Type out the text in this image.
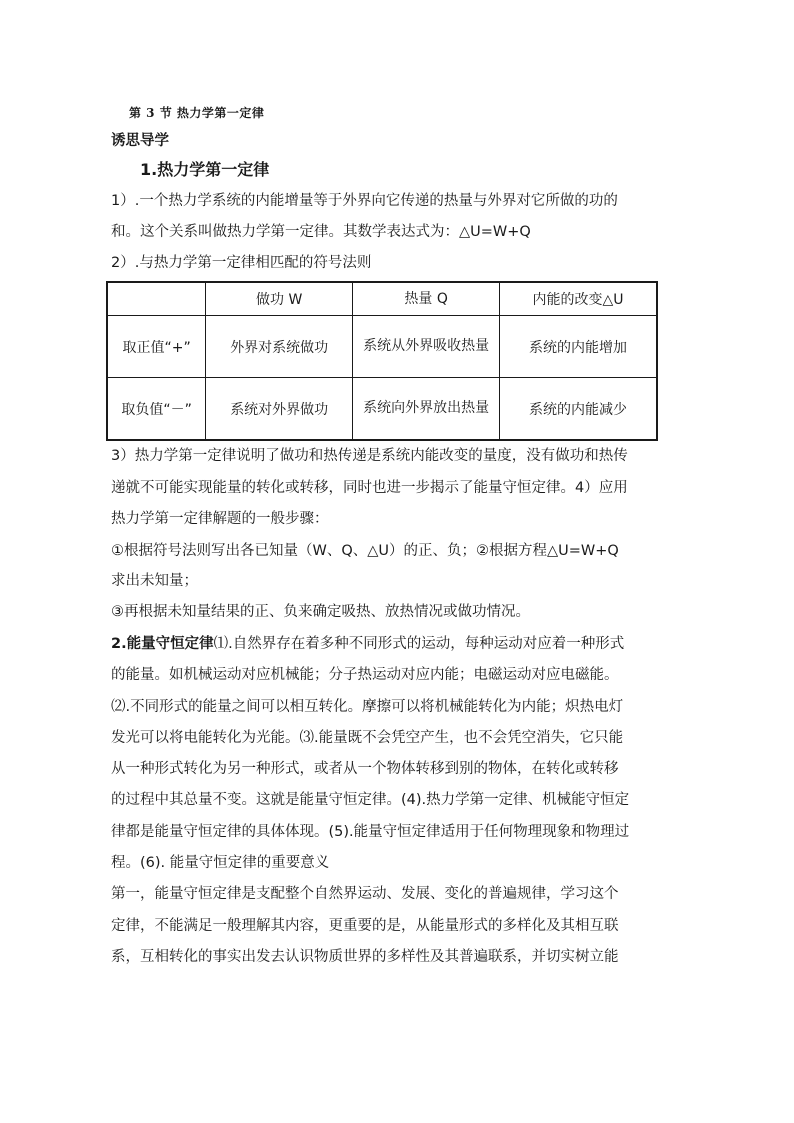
第 3 节 热力学第一定律
诱思导学
1.热力学第一定律
1）.一个热力学系统的内能增量等于外界向它传递的热量与外界对它所做的功的
和。这个关系叫做热力学第一定律。其数学表达式为：△U=W+Q
2）.与热力学第一定律相匹配的符号法则
	做功 W	热量 Q	内能的改变△U
取正值“+”	外界对系统做功	系统从外界吸收热量	系统的内能增加
取负值“－”	系统对外界做功	系统向外界放出热量	系统的内能减少
3）热力学第一定律说明了做功和热传递是系统内能改变的量度，没有做功和热传
递就不可能实现能量的转化或转移，同时也进一步揭示了能量守恒定律。4）应用
热力学第一定律解题的一般步骤：
①根据符号法则写出各已知量（W、Q、△U）的正、负；②根据方程△U=W+Q
求出未知量；
③再根据未知量结果的正、负来确定吸热、放热情况或做功情况。
2.能量守恒定律⑴.自然界存在着多种不同形式的运动，每种运动对应着一种形式
的能量。如机械运动对应机械能；分子热运动对应内能；电磁运动对应电磁能。
⑵.不同形式的能量之间可以相互转化。摩擦可以将机械能转化为内能；炽热电灯
发光可以将电能转化为光能。⑶.能量既不会凭空产生，也不会凭空消失，它只能
从一种形式转化为另一种形式，或者从一个物体转移到别的物体，在转化或转移
的过程中其总量不变。这就是能量守恒定律。(4).热力学第一定律、机械能守恒定
律都是能量守恒定律的具体体现。(5).能量守恒定律适用于任何物理现象和物理过
程。(6). 能量守恒定律的重要意义
第一，能量守恒定律是支配整个自然界运动、发展、变化的普遍规律，学习这个
定律，不能满足一般理解其内容，更重要的是，从能量形式的多样化及其相互联
系，互相转化的事实出发去认识物质世界的多样性及其普遍联系，并切实树立能
